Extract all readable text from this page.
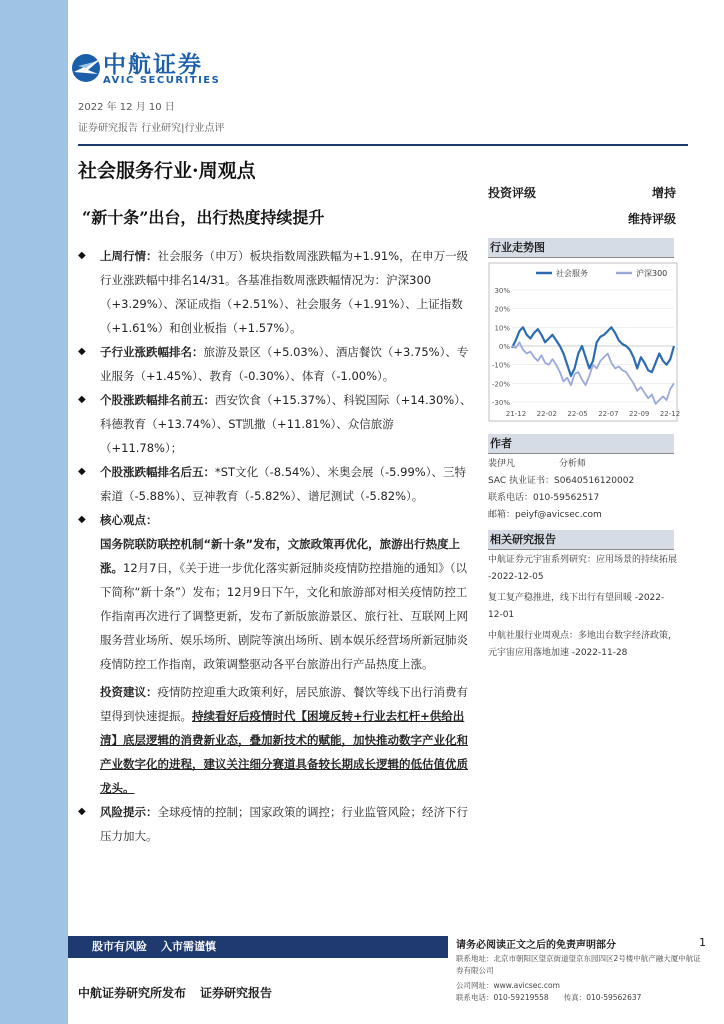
中航证券
AVIC SECURITIES
2022 年 12 月 10 日
证券研究报告 行业研究|行业点评
社会服务行业·周观点
“新十条”出台，出行热度持续提升
投资评级	增持
维持评级
◆ 上周行情：社会服务（申万）板块指数周涨跌幅为+1.91%，在申万一级行业涨跌幅中排名14/31。各基准指数周涨跌幅情况为：沪深300（+3.29%）、深证成指（+2.51%）、社会服务（+1.91%）、上证指数（+1.61%）和创业板指（+1.57%）。
◆ 子行业涨跌幅排名：旅游及景区（+5.03%）、酒店餐饮（+3.75%）、专业服务（+1.45%）、教育（-0.30%）、体育（-1.00%）。
◆ 个股涨跌幅排名前五：西安饮食（+15.37%）、科锐国际（+14.30%）、科德教育（+13.74%）、ST凯撒（+11.81%）、众信旅游（+11.78%）；
◆ 个股涨跌幅排名后五：*ST文化（-8.54%）、米奥会展（-5.99%）、三特索道（-5.88%）、豆神教育（-5.82%）、谱尼测试（-5.82%）。
◆ 核心观点：
国务院联防联控机制“新十条”发布，文旅政策再优化，旅游出行热度上涨。12月7日，《关于进一步优化落实新冠肺炎疫情防控措施的通知》（以下简称“新十条”）发布；12月9日下午，文化和旅游部对相关疫情防控工作指南再次进行了调整更新，发布了新版旅游景区、旅行社、互联网上网服务营业场所、娱乐场所、剧院等演出场所、剧本娱乐经营场所新冠肺炎疫情防控工作指南，政策调整驱动各平台旅游出行产品热度上涨。
投资建议：疫情防控迎重大政策利好，居民旅游、餐饮等线下出行消费有望得到快速提振。持续看好后疫情时代【困境反转+行业去杠杆+供给出清】底层逻辑的消费新业态，叠加新技术的赋能，加快推动数字产业化和产业数字化的进程，建议关注细分赛道具备较长期成长逻辑的低估值优质龙头。
◆ 风险提示：全球疫情的控制；国家政策的调控；行业监管风险；经济下行压力加大。
行业走势图
社会服务	沪深300
30%
20%
10%
0%
-10%
-20%
-30%
21-12 22-02 22-05 22-07 22-09 22-12
作者
裴伊凡	分析师
SAC 执业证书：S0640516120002
联系电话：010-59562517
邮箱：peiyf@avicsec.com
相关研究报告
中航证券元宇宙系列研究：应用场景的持续拓展 -2022-12-05
复工复产稳推进，线下出行有望回暖 -2022-12-01
中航社服行业周观点：多地出台数字经济政策，元宇宙应用落地加速 -2022-11-28
股市有风险 入市需谨慎	请务必阅读正文之后的免责声明部分	1
联系地址：北京市朝阳区望京街道望京东园四区2号楼中航产融大厦中航证券有限公司
公司网址：www.avicsec.com
联系电话：010-59219558　　传真：010-59562637
中航证券研究所发布 证券研究报告
